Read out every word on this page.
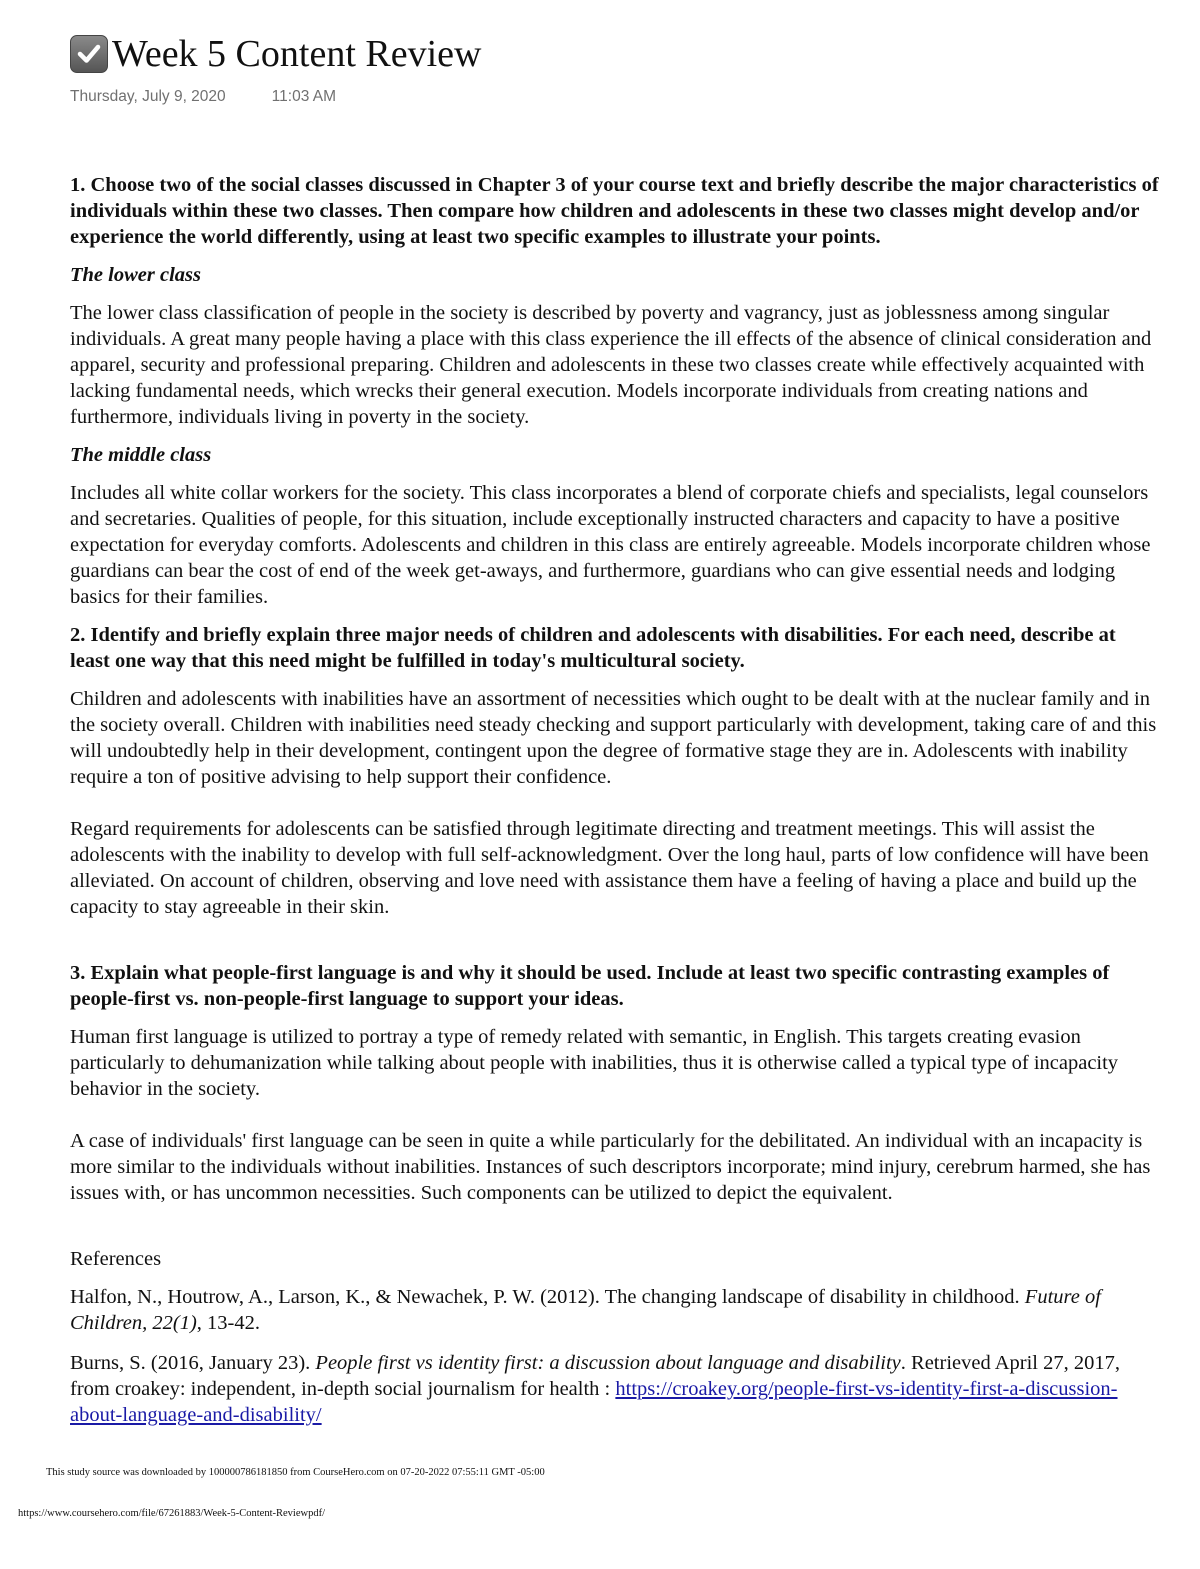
Week 5 Content Review
Thursday, July 9, 2020	11:03 AM

1. Choose two of the social classes discussed in Chapter 3 of your course text and briefly describe the major characteristics of individuals within these two classes. Then compare how children and adolescents in these two classes might develop and/or experience the world differently, using at least two specific examples to illustrate your points.

The lower class

The lower class classification of people in the society is described by poverty and vagrancy, just as joblessness among singular individuals. A great many people having a place with this class experience the ill effects of the absence of clinical consideration and apparel, security and professional preparing. Children and adolescents in these two classes create while effectively acquainted with lacking fundamental needs, which wrecks their general execution. Models incorporate individuals from creating nations and furthermore, individuals living in poverty in the society.

The middle class

Includes all white collar workers for the society. This class incorporates a blend of corporate chiefs and specialists, legal counselors and secretaries. Qualities of people, for this situation, include exceptionally instructed characters and capacity to have a positive expectation for everyday comforts. Adolescents and children in this class are entirely agreeable. Models incorporate children whose guardians can bear the cost of end of the week get-aways, and furthermore, guardians who can give essential needs and lodging basics for their families.

2. Identify and briefly explain three major needs of children and adolescents with disabilities. For each need, describe at least one way that this need might be fulfilled in today's multicultural society.

Children and adolescents with inabilities have an assortment of necessities which ought to be dealt with at the nuclear family and in the society overall. Children with inabilities need steady checking and support particularly with development, taking care of and this will undoubtedly help in their development, contingent upon the degree of formative stage they are in. Adolescents with inability require a ton of positive advising to help support their confidence.

Regard requirements for adolescents can be satisfied through legitimate directing and treatment meetings. This will assist the adolescents with the inability to develop with full self-acknowledgment. Over the long haul, parts of low confidence will have been alleviated. On account of children, observing and love need with assistance them have a feeling of having a place and build up the capacity to stay agreeable in their skin.

3. Explain what people-first language is and why it should be used. Include at least two specific contrasting examples of people-first vs. non-people-first language to support your ideas.

Human first language is utilized to portray a type of remedy related with semantic, in English. This targets creating evasion particularly to dehumanization while talking about people with inabilities, thus it is otherwise called a typical type of incapacity behavior in the society.

A case of individuals' first language can be seen in quite a while particularly for the debilitated. An individual with an incapacity is more similar to the individuals without inabilities. Instances of such descriptors incorporate; mind injury, cerebrum harmed, she has issues with, or has uncommon necessities. Such components can be utilized to depict the equivalent.

References

Halfon, N., Houtrow, A., Larson, K., & Newachek, P. W. (2012). The changing landscape of disability in childhood. Future of Children, 22(1), 13-42.

Burns, S. (2016, January 23). People first vs identity first: a discussion about language and disability. Retrieved April 27, 2017, from croakey: independent, in-depth social journalism for health : https://croakey.org/people-first-vs-identity-first-a-discussion-about-language-and-disability/

This study source was downloaded by 100000786181850 from CourseHero.com on 07-20-2022 07:55:11 GMT -05:00
https://www.coursehero.com/file/67261883/Week-5-Content-Reviewpdf/
